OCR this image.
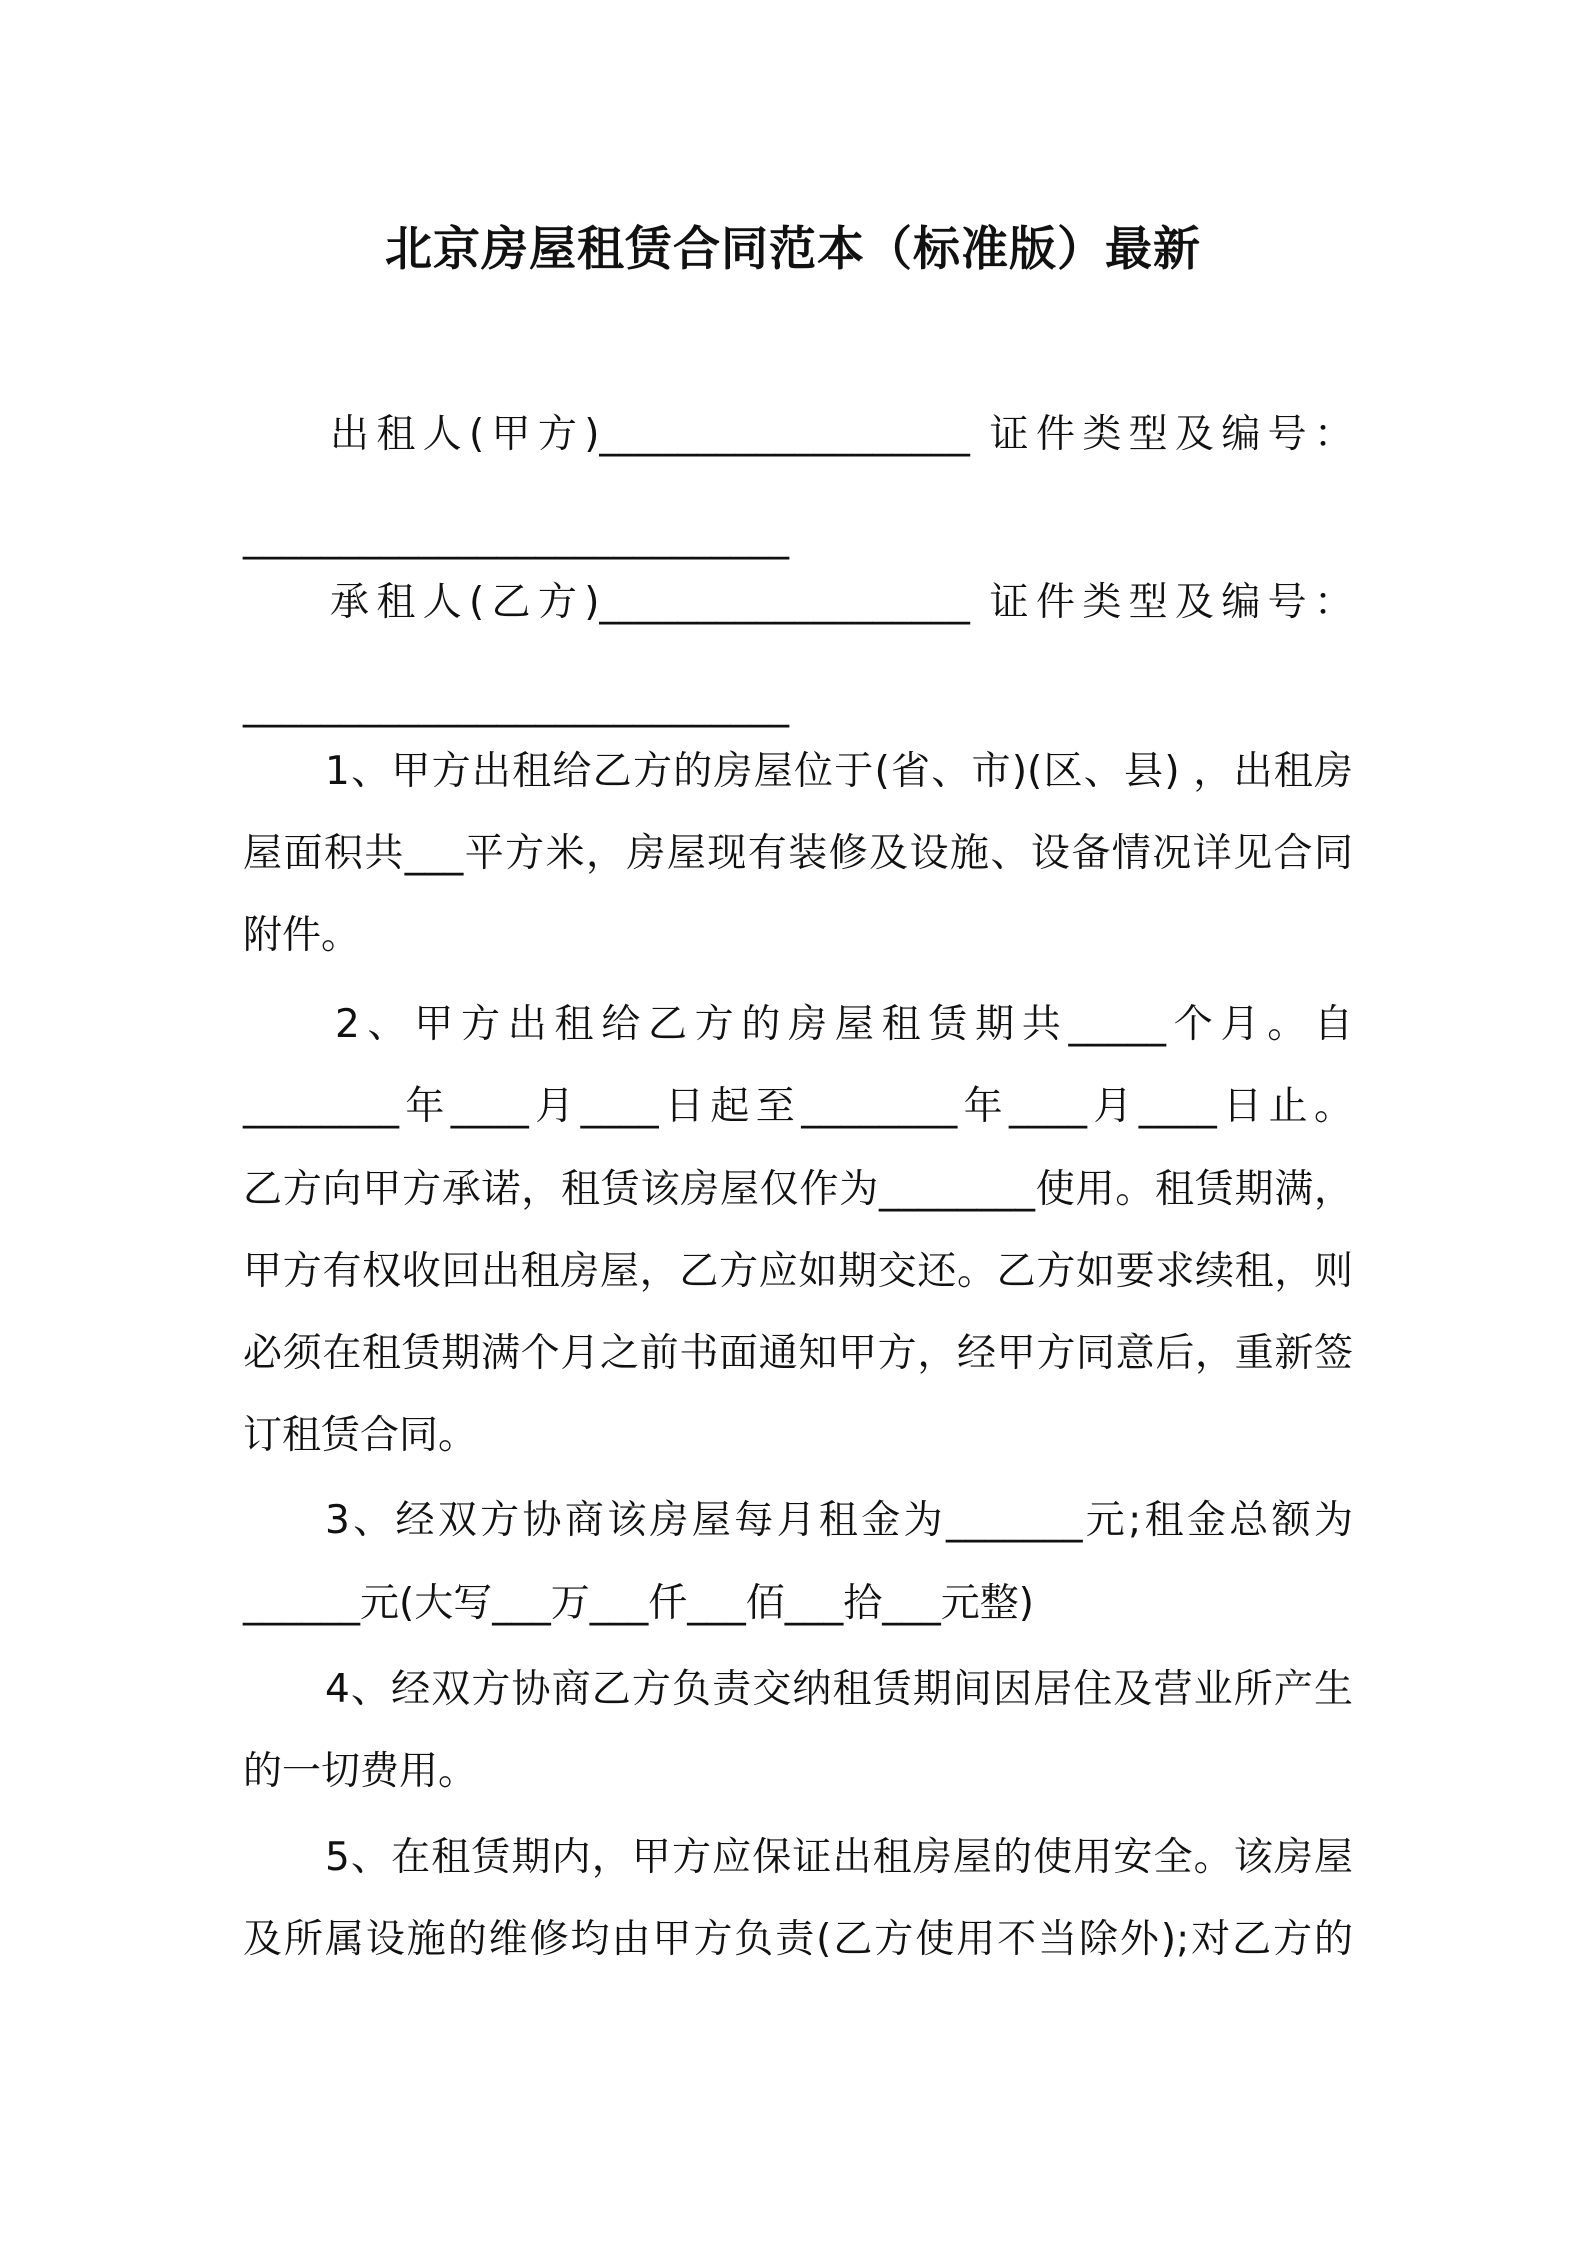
北京房屋租赁合同范本（标准版）最新
出租人(甲方)___________________ 证件类型及编号：
____________________________
承租人(乙方)___________________ 证件类型及编号：
____________________________
1、甲方出租给乙方的房屋位于(省、市)(区、县) ，出租房
屋面积共___平方米，房屋现有装修及设施、设备情况详见合同
附件。
2、甲方出租给乙方的房屋租赁期共_____个月。自
________年____月____日起至________年____月____日止。
乙方向甲方承诺，租赁该房屋仅作为________使用。租赁期满，
甲方有权收回出租房屋，乙方应如期交还。乙方如要求续租，则
必须在租赁期满个月之前书面通知甲方，经甲方同意后，重新签
订租赁合同。
3、经双方协商该房屋每月租金为_______元;租金总额为
______元(大写___万___仟___佰___拾___元整)
4、经双方协商乙方负责交纳租赁期间因居住及营业所产生
的一切费用。
5、在租赁期内，甲方应保证出租房屋的使用安全。该房屋
及所属设施的维修均由甲方负责(乙方使用不当除外);对乙方的
